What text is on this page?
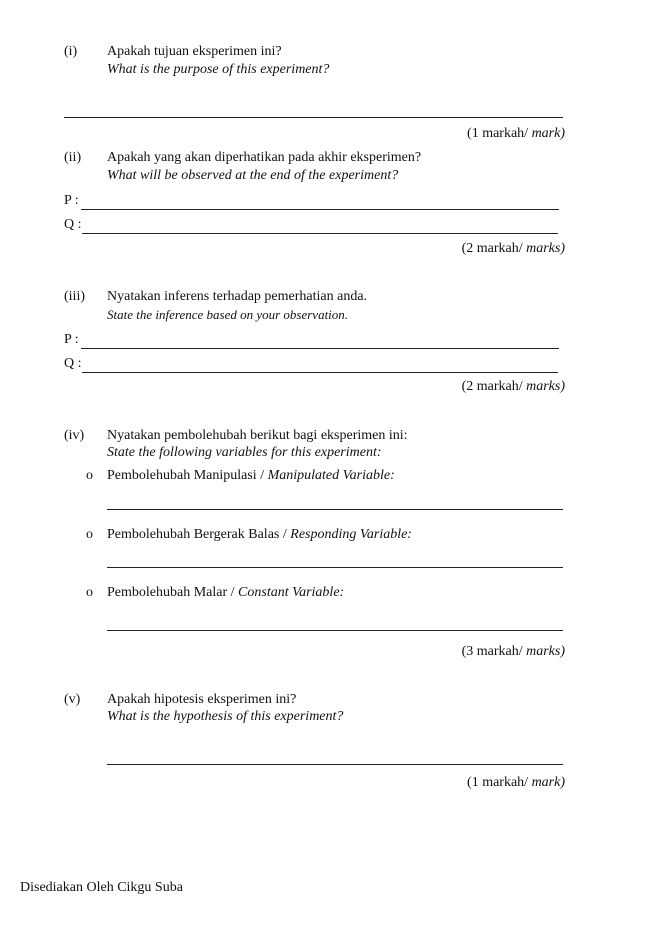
(i) Apakah tujuan eksperimen ini?
What is the purpose of this experiment?
(1 markah/ mark)
(ii) Apakah yang akan diperhatikan pada akhir eksperimen?
What will be observed at the end of the experiment?
P :
Q :
(2 markah/ marks)
(iii) Nyatakan inferens terhadap pemerhatian anda.
State the inference based on your observation.
P :
Q :
(2 markah/ marks)
(iv) Nyatakan pembolehubah berikut bagi eksperimen ini:
State the following variables for this experiment:
o Pembolehubah Manipulasi / Manipulated Variable:
o Pembolehubah Bergerak Balas / Responding Variable:
o Pembolehubah Malar / Constant Variable:
(3 markah/ marks)
(v) Apakah hipotesis eksperimen ini?
What is the hypothesis of this experiment?
(1 markah/ mark)
Disediakan Oleh Cikgu Suba
